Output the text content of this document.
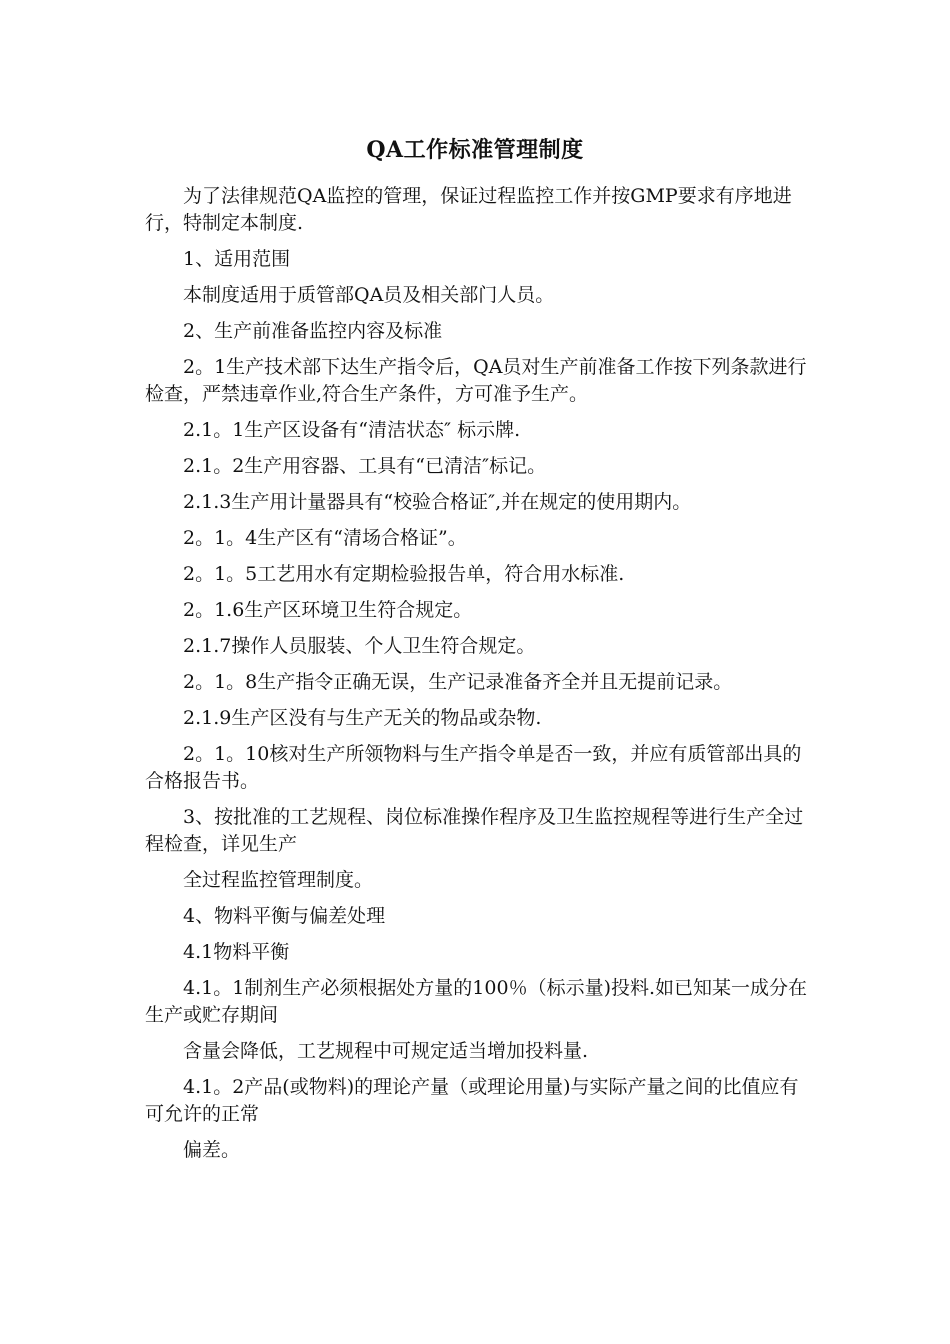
QA工作标准管理制度

为了法律规范QA监控的管理，保证过程监控工作并按GMP要求有序地进行，特制定本制度.

1、适用范围

本制度适用于质管部QA员及相关部门人员。

2、生产前准备监控内容及标准

2。1生产技术部下达生产指令后，QA员对生产前准备工作按下列条款进行检查，严禁违章作业,符合生产条件，方可准予生产。

2.1。1生产区设备有“清洁状态″ 标示牌.

2.1。2生产用容器、工具有“已清洁″标记。

2.1.3生产用计量器具有“校验合格证″,并在规定的使用期内。

2。1。4生产区有“清场合格证”。

2。1。5工艺用水有定期检验报告单，符合用水标准.

2。1.6生产区环境卫生符合规定。

2.1.7操作人员服装、个人卫生符合规定。

2。1。8生产指令正确无误，生产记录准备齐全并且无提前记录。

2.1.9生产区没有与生产无关的物品或杂物.

2。1。10核对生产所领物料与生产指令单是否一致，并应有质管部出具的合格报告书。

3、按批准的工艺规程、岗位标准操作程序及卫生监控规程等进行生产全过程检查，详见生产

全过程监控管理制度。

4、物料平衡与偏差处理

4.1物料平衡

4.1。1制剂生产必须根据处方量的100％（标示量)投料.如已知某一成分在生产或贮存期间

含量会降低，工艺规程中可规定适当增加投料量.

4.1。2产品(或物料)的理论产量（或理论用量)与实际产量之间的比值应有可允许的正常

偏差。
